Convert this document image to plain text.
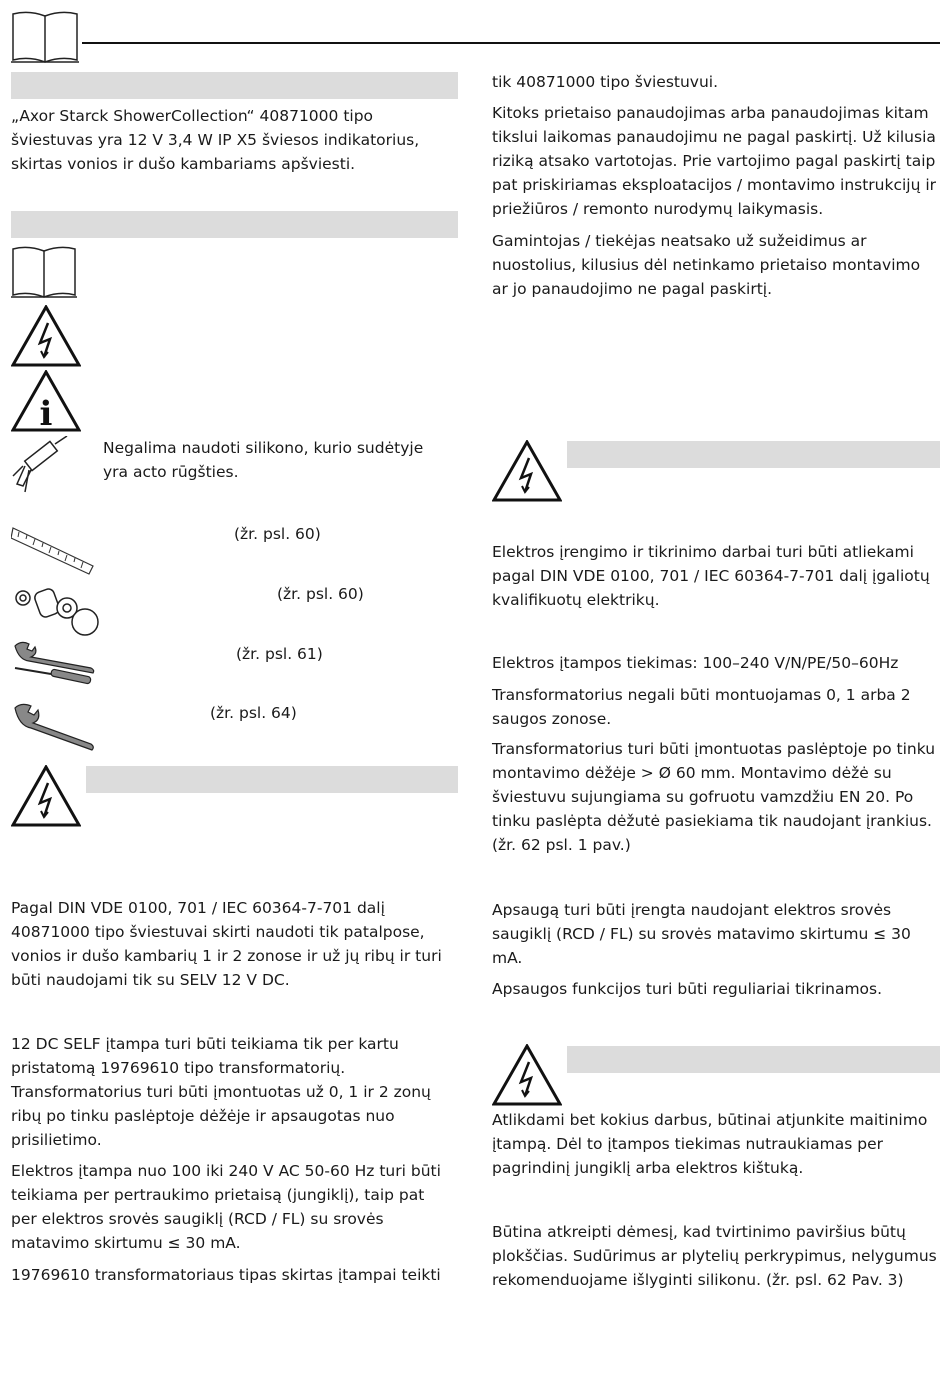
„Axor Starck ShowerCollection“ 40871000 tipo šviestuvas yra 12 V 3,4 W IP X5 šviesos indikatorius, skirtas vonios ir dušo kambariams apšviesti.

i

Negalima naudoti silikono, kurio sudėtyje yra acto rūgšties.

(žr. psl. 60)

(žr. psl. 60)

(žr. psl. 61)

(žr. psl. 64)

Pagal DIN VDE 0100, 701 / IEC 60364-7-701 dalį 40871000 tipo šviestuvai skirti naudoti tik patalpose, vonios ir dušo kambarių 1 ir 2 zonose ir už jų ribų ir turi būti naudojami tik su SELV 12 V DC.

12 DC SELF įtampa turi būti teikiama tik per kartu pristatomą 19769610 tipo transformatorių. Transformatorius turi būti įmontuotas už 0, 1 ir 2 zonų ribų po tinku paslėptoje dėžėje ir apsaugotas nuo prisilietimo.

Elektros įtampa nuo 100 iki 240 V AC 50-60 Hz turi būti teikiama per pertraukimo prietaisą (jungiklį), taip pat per elektros srovės saugiklį (RCD / FL) su srovės matavimo skirtumu ≤ 30 mA.

19769610 transformatoriaus tipas skirtas įtampai teikti

tik 40871000 tipo šviestuvui.

Kitoks prietaiso panaudojimas arba panaudojimas kitam tikslui laikomas panaudojimu ne pagal paskirtį. Už kilusia riziką atsako vartotojas. Prie vartojimo pagal paskirtį taip pat priskiriamas eksploatacijos / montavimo instrukcijų ir priežiūros / remonto nurodymų laikymasis.

Gamintojas / tiekėjas neatsako už sužeidimus ar nuostolius, kilusius dėl netinkamo prietaiso montavimo ar jo panaudojimo ne pagal paskirtį.

Elektros įrengimo ir tikrinimo darbai turi būti atliekami pagal DIN VDE 0100, 701 / IEC 60364-7-701 dalį įgaliotų kvalifikuotų elektrikų.

Elektros įtampos tiekimas: 100–240 V/N/PE/50–60Hz

Transformatorius negali būti montuojamas 0, 1 arba 2 saugos zonose.

Transformatorius turi būti įmontuotas paslėptoje po tinku montavimo dėžėje > Ø 60 mm. Montavimo dėžė su šviestuvu sujungiama su gofruotu vamzdžiu EN 20. Po tinku paslėpta dėžutė pasiekiama tik naudojant įrankius. (žr. 62 psl. 1 pav.)

Apsaugą turi būti įrengta naudojant elektros srovės saugiklį (RCD / FL) su srovės matavimo skirtumu ≤ 30 mA.

Apsaugos funkcijos turi būti reguliariai tikrinamos.

Atlikdami bet kokius darbus, būtinai atjunkite maitinimo įtampą. Dėl to įtampos tiekimas nutraukiamas per pagrindinį jungiklį arba elektros kištuką.

Būtina atkreipti dėmesį, kad tvirtinimo paviršius būtų plokščias. Sudūrimus ar plytelių perkrypimus, nelygumus rekomenduojame išlyginti silikonu. (žr. psl. 62 Pav. 3)
